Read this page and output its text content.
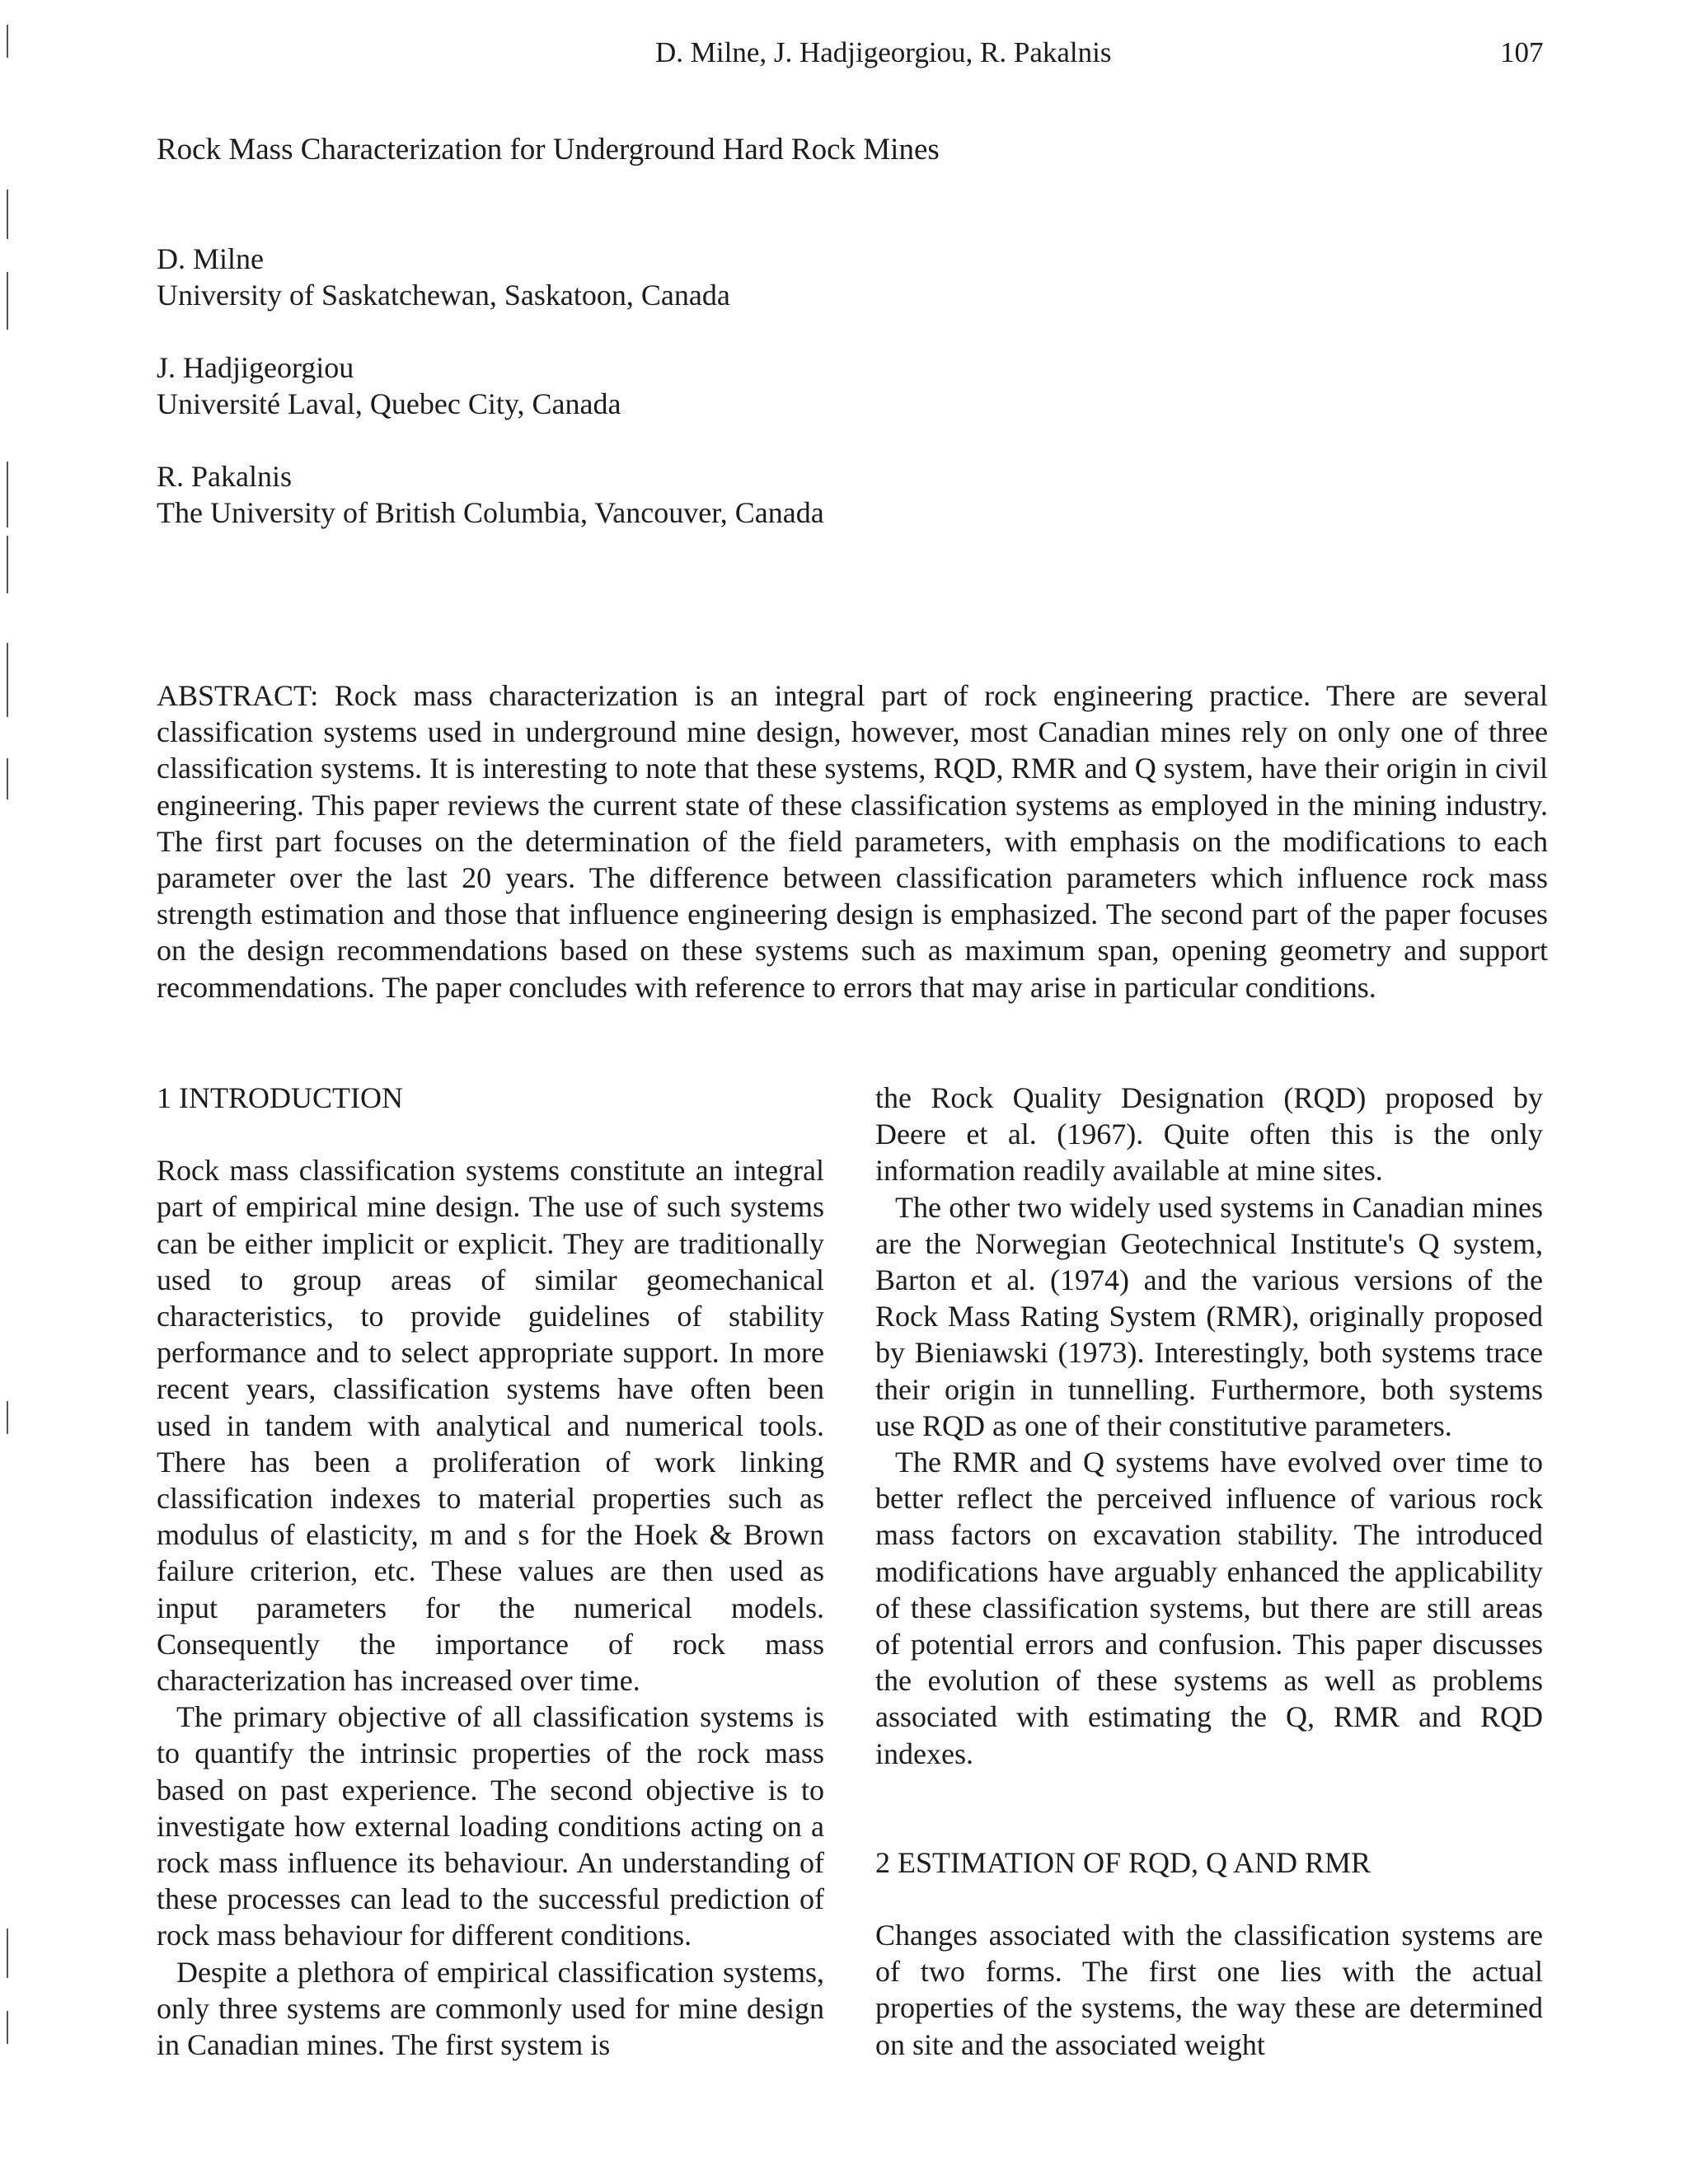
D. Milne, J. Hadjigeorgiou, R. Pakalnis	107
Rock Mass Characterization for Underground Hard Rock Mines
D. Milne
University of Saskatchewan, Saskatoon, Canada
J. Hadjigeorgiou
Université Laval, Quebec City, Canada
R. Pakalnis
The University of British Columbia, Vancouver, Canada

ABSTRACT: Rock mass characterization is an integral part of rock engineering practice. There are several classification systems used in underground mine design, however, most Canadian mines rely on only one of three classification systems. It is interesting to note that these systems, RQD, RMR and Q system, have their origin in civil engineering. This paper reviews the current state of these classification systems as employed in the mining industry. The first part focuses on the determination of the field parameters, with emphasis on the modifications to each parameter over the last 20 years. The difference between classification parameters which influence rock mass strength estimation and those that influence engineering design is emphasized. The second part of the paper focuses on the design recommendations based on these systems such as maximum span, opening geometry and support recommendations. The paper concludes with reference to errors that may arise in particular conditions.

1 INTRODUCTION

Rock mass classification systems constitute an integral part of empirical mine design. The use of such systems can be either implicit or explicit. They are traditionally used to group areas of similar geomechanical characteristics, to provide guidelines of stability performance and to select appropriate support. In more recent years, classification systems have often been used in tandem with analytical and numerical tools. There has been a proliferation of work linking classification indexes to material properties such as modulus of elasticity, m and s for the Hoek & Brown failure criterion, etc. These values are then used as input parameters for the numerical models. Consequently the importance of rock mass characterization has increased over time.

The primary objective of all classification systems is to quantify the intrinsic properties of the rock mass based on past experience. The second objective is to investigate how external loading conditions acting on a rock mass influence its behaviour. An understanding of these processes can lead to the successful prediction of rock mass behaviour for different conditions.

Despite a plethora of empirical classification systems, only three systems are commonly used for mine design in Canadian mines. The first system is

the Rock Quality Designation (RQD) proposed by Deere et al. (1967). Quite often this is the only information readily available at mine sites.

The other two widely used systems in Canadian mines are the Norwegian Geotechnical Institute's Q system, Barton et al. (1974) and the various versions of the Rock Mass Rating System (RMR), originally proposed by Bieniawski (1973). Interestingly, both systems trace their origin in tunnelling. Furthermore, both systems use RQD as one of their constitutive parameters.

The RMR and Q systems have evolved over time to better reflect the perceived influence of various rock mass factors on excavation stability. The introduced modifications have arguably enhanced the applicability of these classification systems, but there are still areas of potential errors and confusion. This paper discusses the evolution of these systems as well as problems associated with estimating the Q, RMR and RQD indexes.

2 ESTIMATION OF RQD, Q AND RMR

Changes associated with the classification systems are of two forms. The first one lies with the actual properties of the systems, the way these are determined on site and the associated weight
